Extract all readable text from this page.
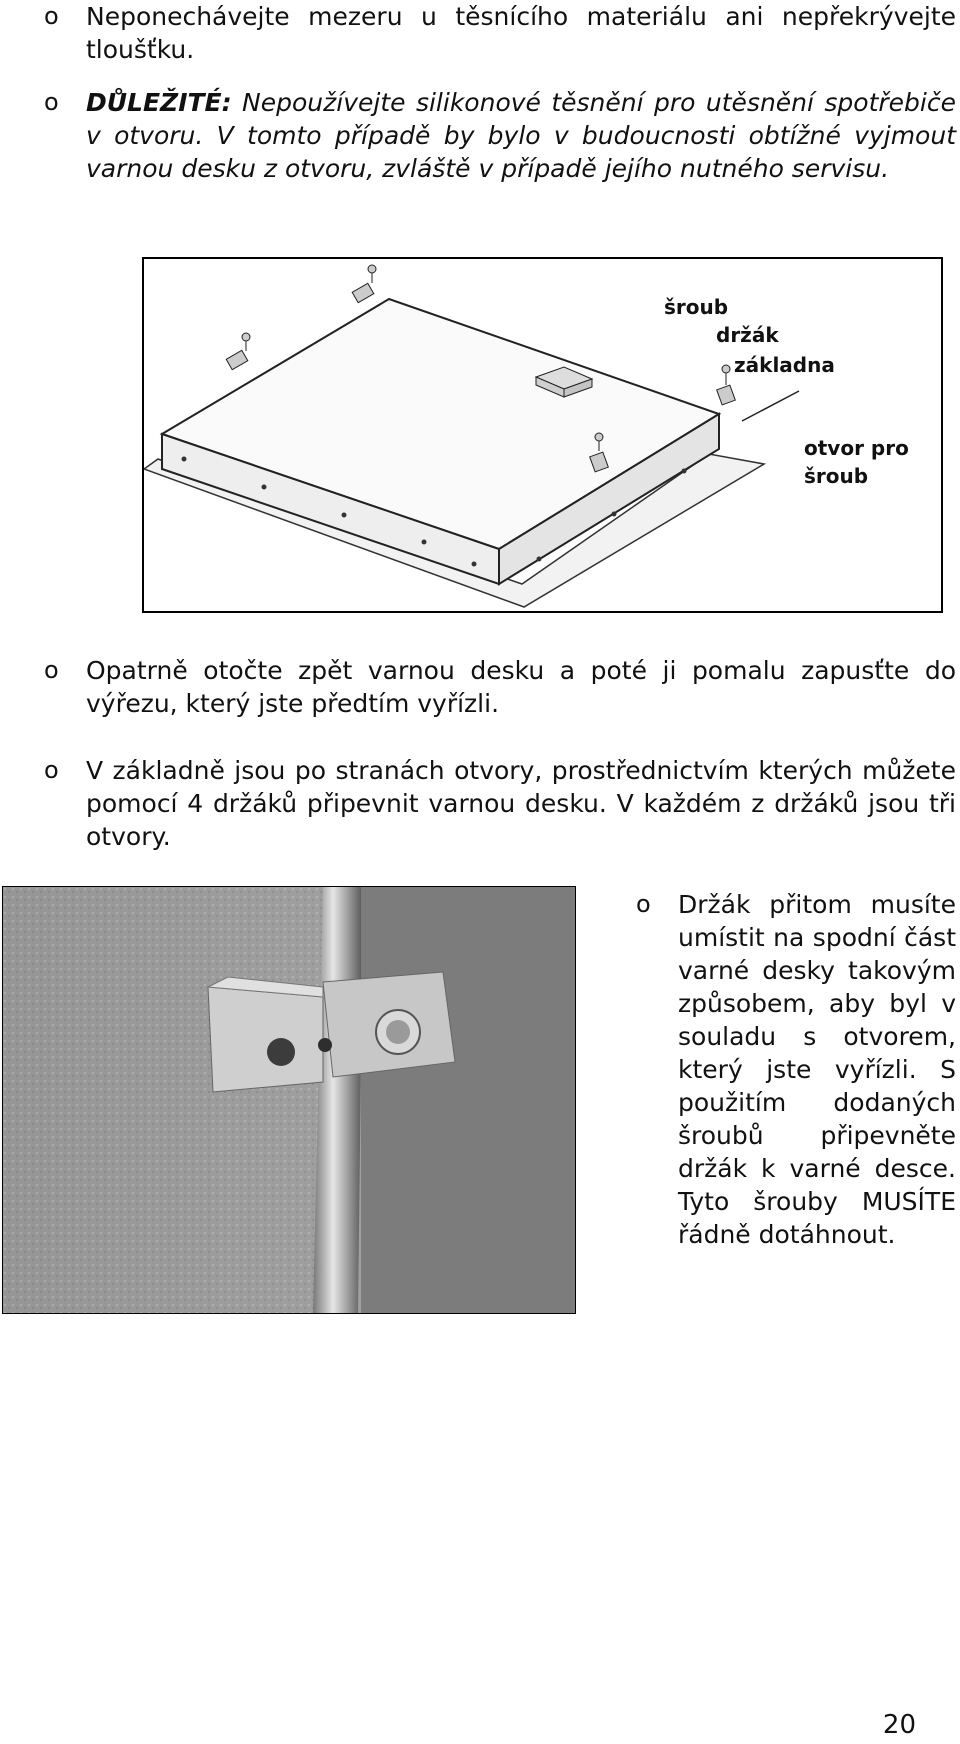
o Neponechávejte mezeru u těsnícího materiálu ani nepřekrývejte tloušťku.
o DŮLEŽITÉ: Nepoužívejte silikonové těsnění pro utěsnění spotřebiče v otvoru. V tomto případě by bylo v budoucnosti obtížné vyjmout varnou desku z otvoru, zvláště v případě jejího nutného servisu.
šroub
držák
základna
otvor pro
šroub
o Opatrně otočte zpět varnou desku a poté ji pomalu zapusťte do výřezu, který jste předtím vyřízli.
o V základně jsou po stranách otvory, prostřednictvím kterých můžete pomocí 4 držáků připevnit varnou desku. V každém z držáků jsou tři otvory.
o Držák přitom musíte umístit na spodní část varné desky takovým způsobem, aby byl v souladu s otvorem, který jste vyřízli. S použitím dodaných šroubů připevněte držák k varné desce. Tyto šrouby MUSÍTE řádně dotáhnout.
20
